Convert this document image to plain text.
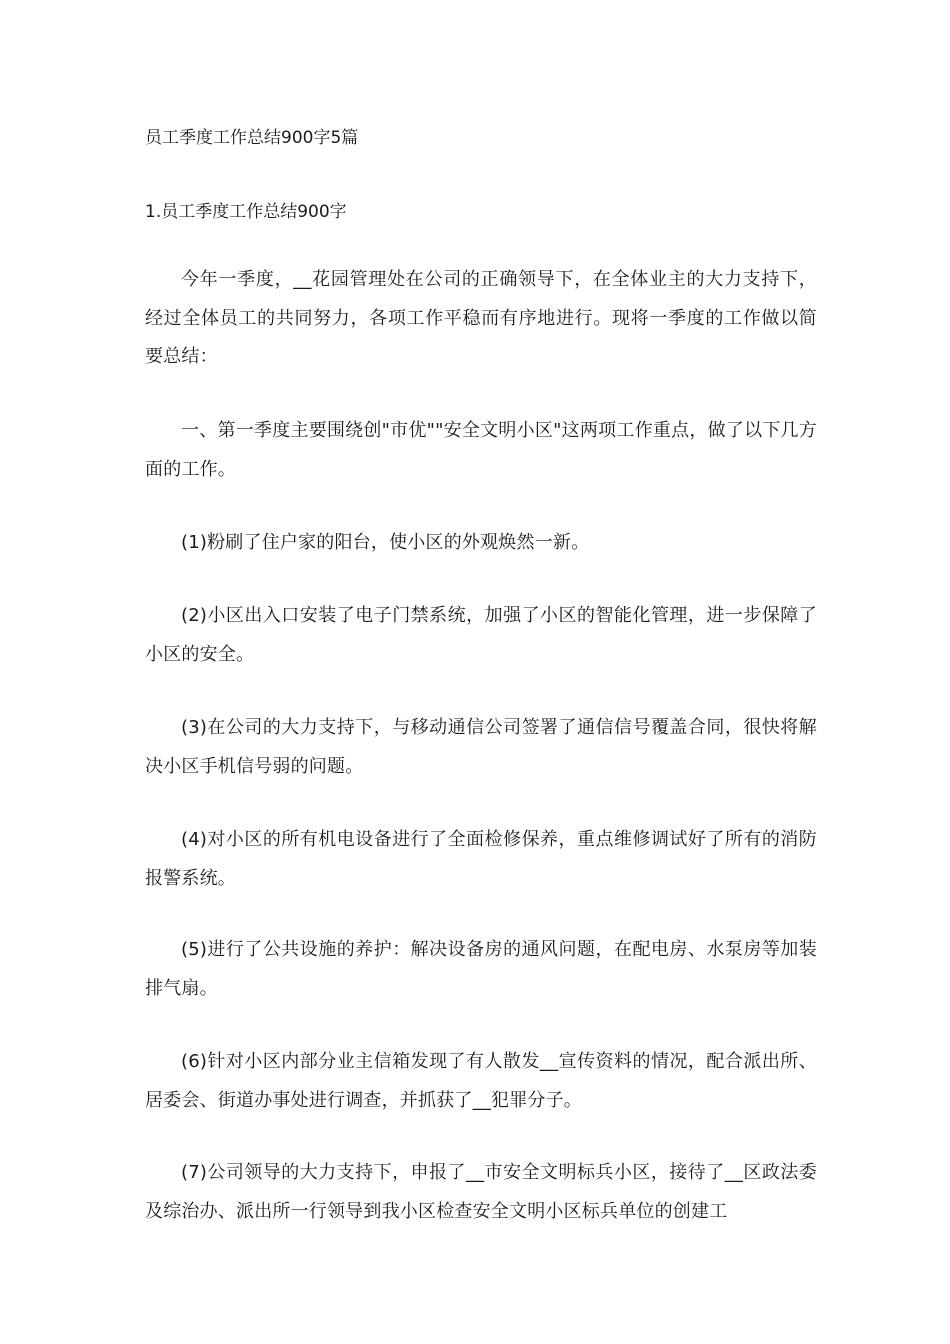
员工季度工作总结900字5篇
1.员工季度工作总结900字

今年一季度，__花园管理处在公司的正确领导下，在全体业主的大力支持下，经过全体员工的共同努力，各项工作平稳而有序地进行。现将一季度的工作做以简要总结：

一、第一季度主要围绕创"市优""安全文明小区"这两项工作重点，做了以下几方面的工作。

(1)粉刷了住户家的阳台，使小区的外观焕然一新。

(2)小区出入口安装了电子门禁系统，加强了小区的智能化管理，进一步保障了小区的安全。

(3)在公司的大力支持下，与移动通信公司签署了通信信号覆盖合同，很快将解决小区手机信号弱的问题。

(4)对小区的所有机电设备进行了全面检修保养，重点维修调试好了所有的消防报警系统。

(5)进行了公共设施的养护：解决设备房的通风问题，在配电房、水泵房等加装排气扇。

(6)针对小区内部分业主信箱发现了有人散发__宣传资料的情况，配合派出所、居委会、街道办事处进行调查，并抓获了__犯罪分子。

(7)公司领导的大力支持下，申报了__市安全文明标兵小区，接待了__区政法委及综治办、派出所一行领导到我小区检查安全文明小区标兵单位的创建工
